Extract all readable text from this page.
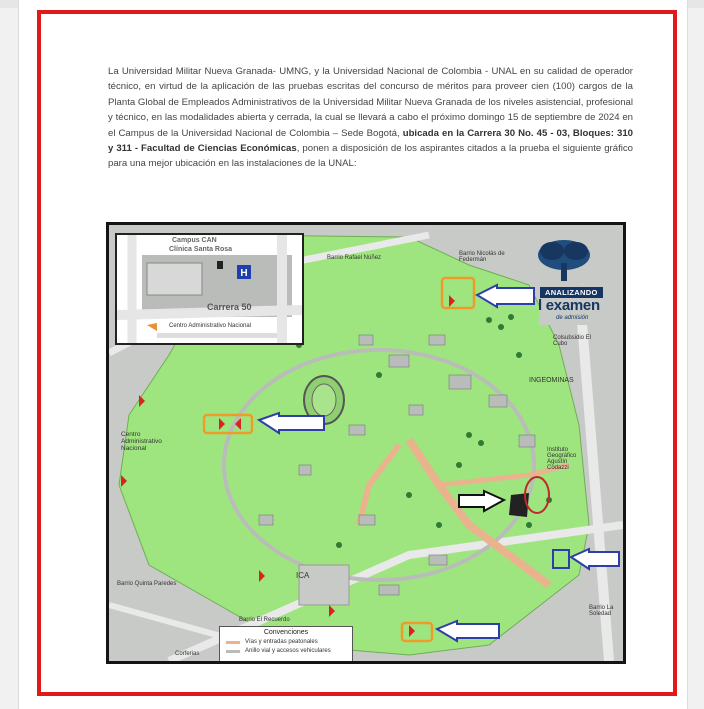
La Universidad Militar Nueva Granada- UMNG, y la Universidad Nacional de Colombia - UNAL en su calidad de operador técnico, en virtud de la aplicación de las pruebas escritas del concurso de méritos para proveer cien (100) cargos de la Planta Global de Empleados Administrativos de la Universidad Militar Nueva Granada de los niveles asistencial, profesional y técnico, en las modalidades abierta y cerrada, la cual se llevará a cabo el próximo domingo 15 de septiembre de 2024 en el Campus de la Universidad Nacional de Colombia – Sede Bogotá, ubicada en la Carrera 30 No. 45 - 03, Bloques: 310 y 311 - Facultad de Ciencias Económicas, ponen a disposición de los aspirantes citados a la prueba el siguiente gráfico para una mejor ubicación en las instalaciones de la UNAL:
H
Campus CAN
Clínica Santa Rosa
Carrera 50
Centro Administrativo Nacional
ANALIZANDO
l examen
de admisión
Barrio Rafael Núñez
Barrio Nicolás de Federmán
INGEOMINAS
Colsubsidio El Cubo
Instituto Geográfico Agustín Codazzi
Centro Administrativo Nacional
ICA
Barrio Quinta Paredes
Barrio El Recuerdo
Barrio La Soledad
Corferias
Convenciones
Vías y entradas peatonales
Anillo vial y accesos vehiculares
